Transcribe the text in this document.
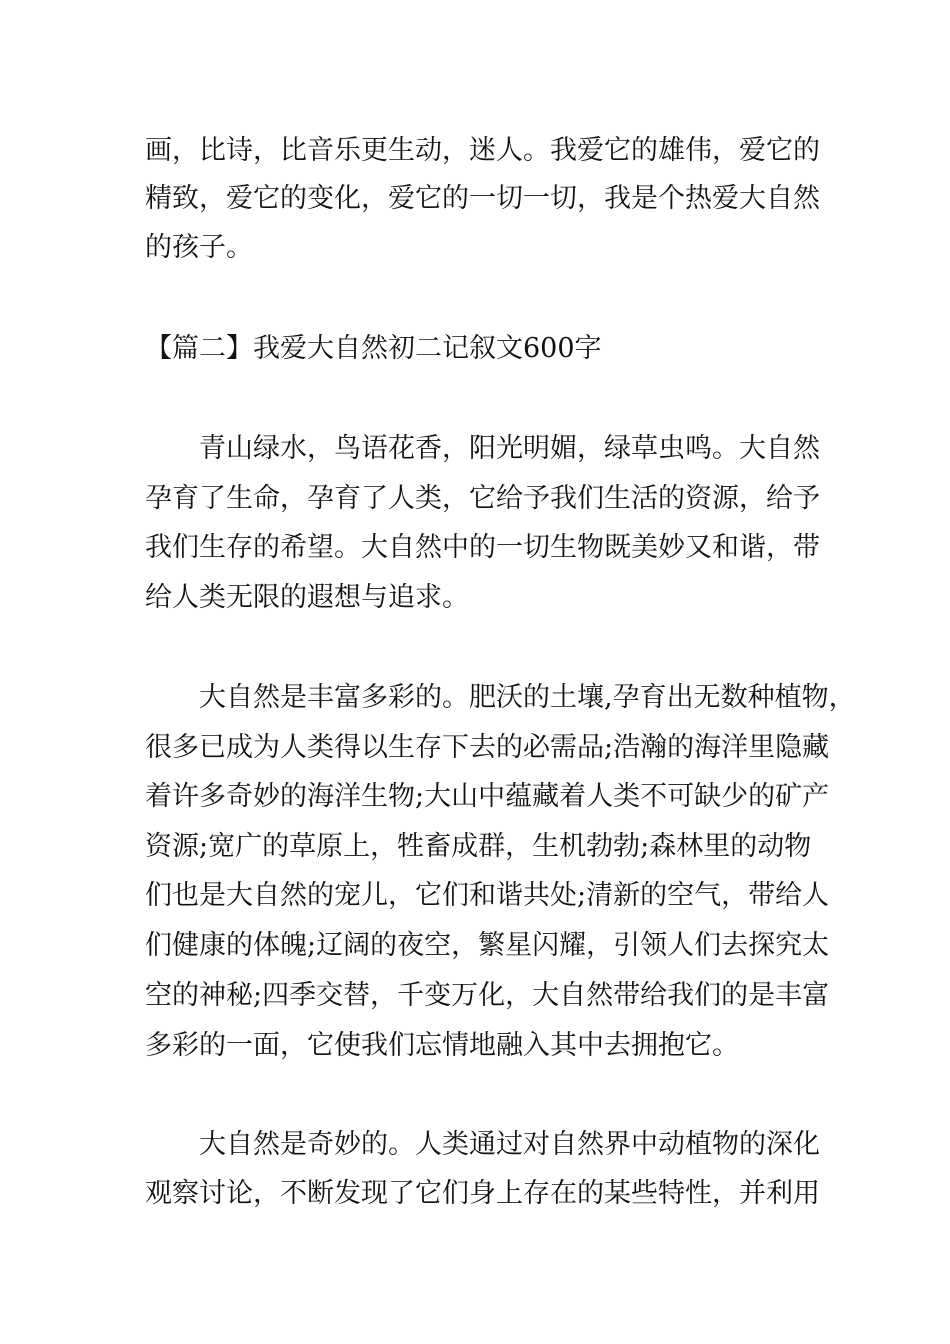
画，比诗，比音乐更生动，迷人。我爱它的雄伟，爱它的
精致，爱它的变化，爱它的一切一切，我是个热爱大自然
的孩子。
【篇二】我爱大自然初二记叙文600字
青山绿水，鸟语花香，阳光明媚，绿草虫鸣。大自然
孕育了生命，孕育了人类，它给予我们生活的资源，给予
我们生存的希望。大自然中的一切生物既美妙又和谐，带
给人类无限的遐想与追求。
大自然是丰富多彩的。肥沃的土壤,孕育出无数种植物，
很多已成为人类得以生存下去的必需品;浩瀚的海洋里隐藏
着许多奇妙的海洋生物;大山中蕴藏着人类不可缺少的矿产
资源;宽广的草原上，牲畜成群，生机勃勃;森林里的动物
们也是大自然的宠儿，它们和谐共处;清新的空气，带给人
们健康的体魄;辽阔的夜空，繁星闪耀，引领人们去探究太
空的神秘;四季交替，千变万化，大自然带给我们的是丰富
多彩的一面，它使我们忘情地融入其中去拥抱它。
大自然是奇妙的。人类通过对自然界中动植物的深化
观察讨论，不断发现了它们身上存在的某些特性，并利用
